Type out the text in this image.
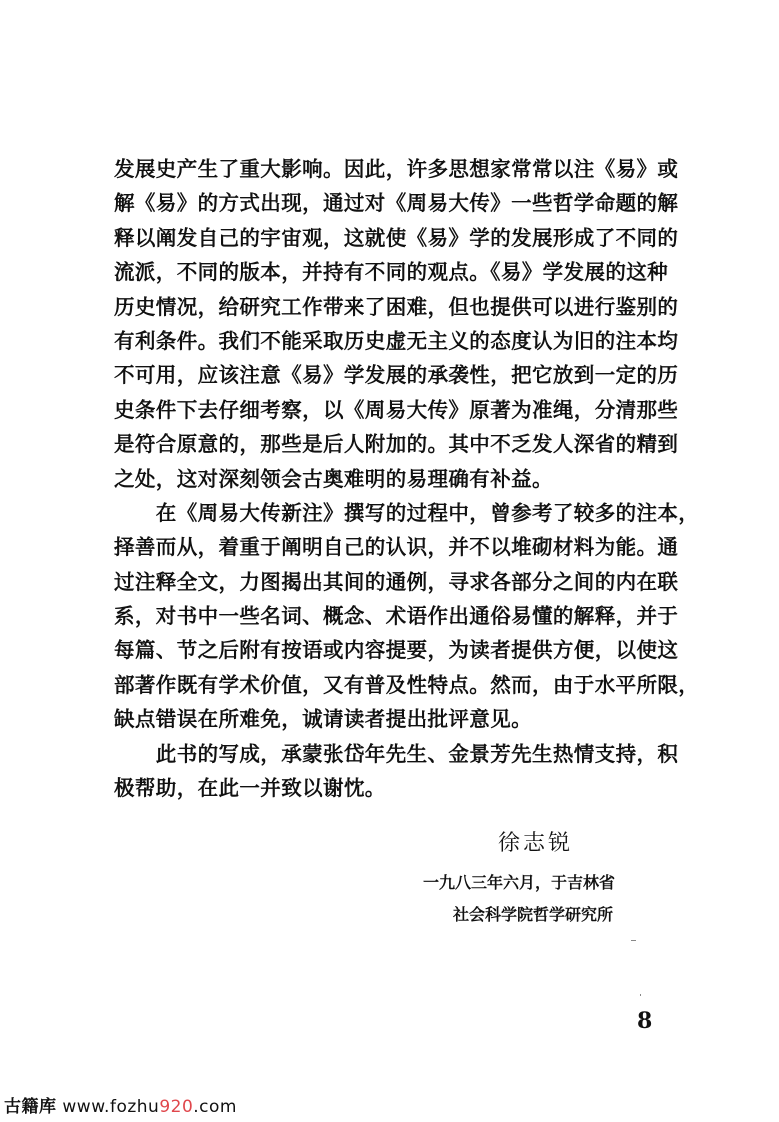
发展史产生了重大影响。因此，许多思想家常常以注《易》或
解《易》的方式出现，通过对《周易大传》一些哲学命题的解
释以阐发自己的宇宙观，这就使《易》学的发展形成了不同的
流派，不同的版本，并持有不同的观点。《易》学发展的这种
历史情况，给研究工作带来了困难，但也提供可以进行鉴别的
有利条件。我们不能采取历史虚无主义的态度认为旧的注本均
不可用，应该注意《易》学发展的承袭性，把它放到一定的历
史条件下去仔细考察，以《周易大传》原著为准绳，分清那些
是符合原意的，那些是后人附加的。其中不乏发人深省的精到
之处，这对深刻领会古奥难明的易理确有补益。
　　在《周易大传新注》撰写的过程中，曾参考了较多的注本，
择善而从，着重于阐明自己的认识，并不以堆砌材料为能。通
过注释全文，力图揭出其间的通例，寻求各部分之间的内在联
系，对书中一些名词、概念、术语作出通俗易懂的解释，并于
每篇、节之后附有按语或内容提要，为读者提供方便，以使这
部著作既有学术价值，又有普及性特点。然而，由于水平所限，
缺点错误在所难免，诚请读者提出批评意见。
　　此书的写成，承蒙张岱年先生、金景芳先生热情支持，积
极帮助，在此一并致以谢忱。
徐志锐
一九八三年六月，于吉林省
社会科学院哲学研究所
8
古籍库 www.fozhu920.com
